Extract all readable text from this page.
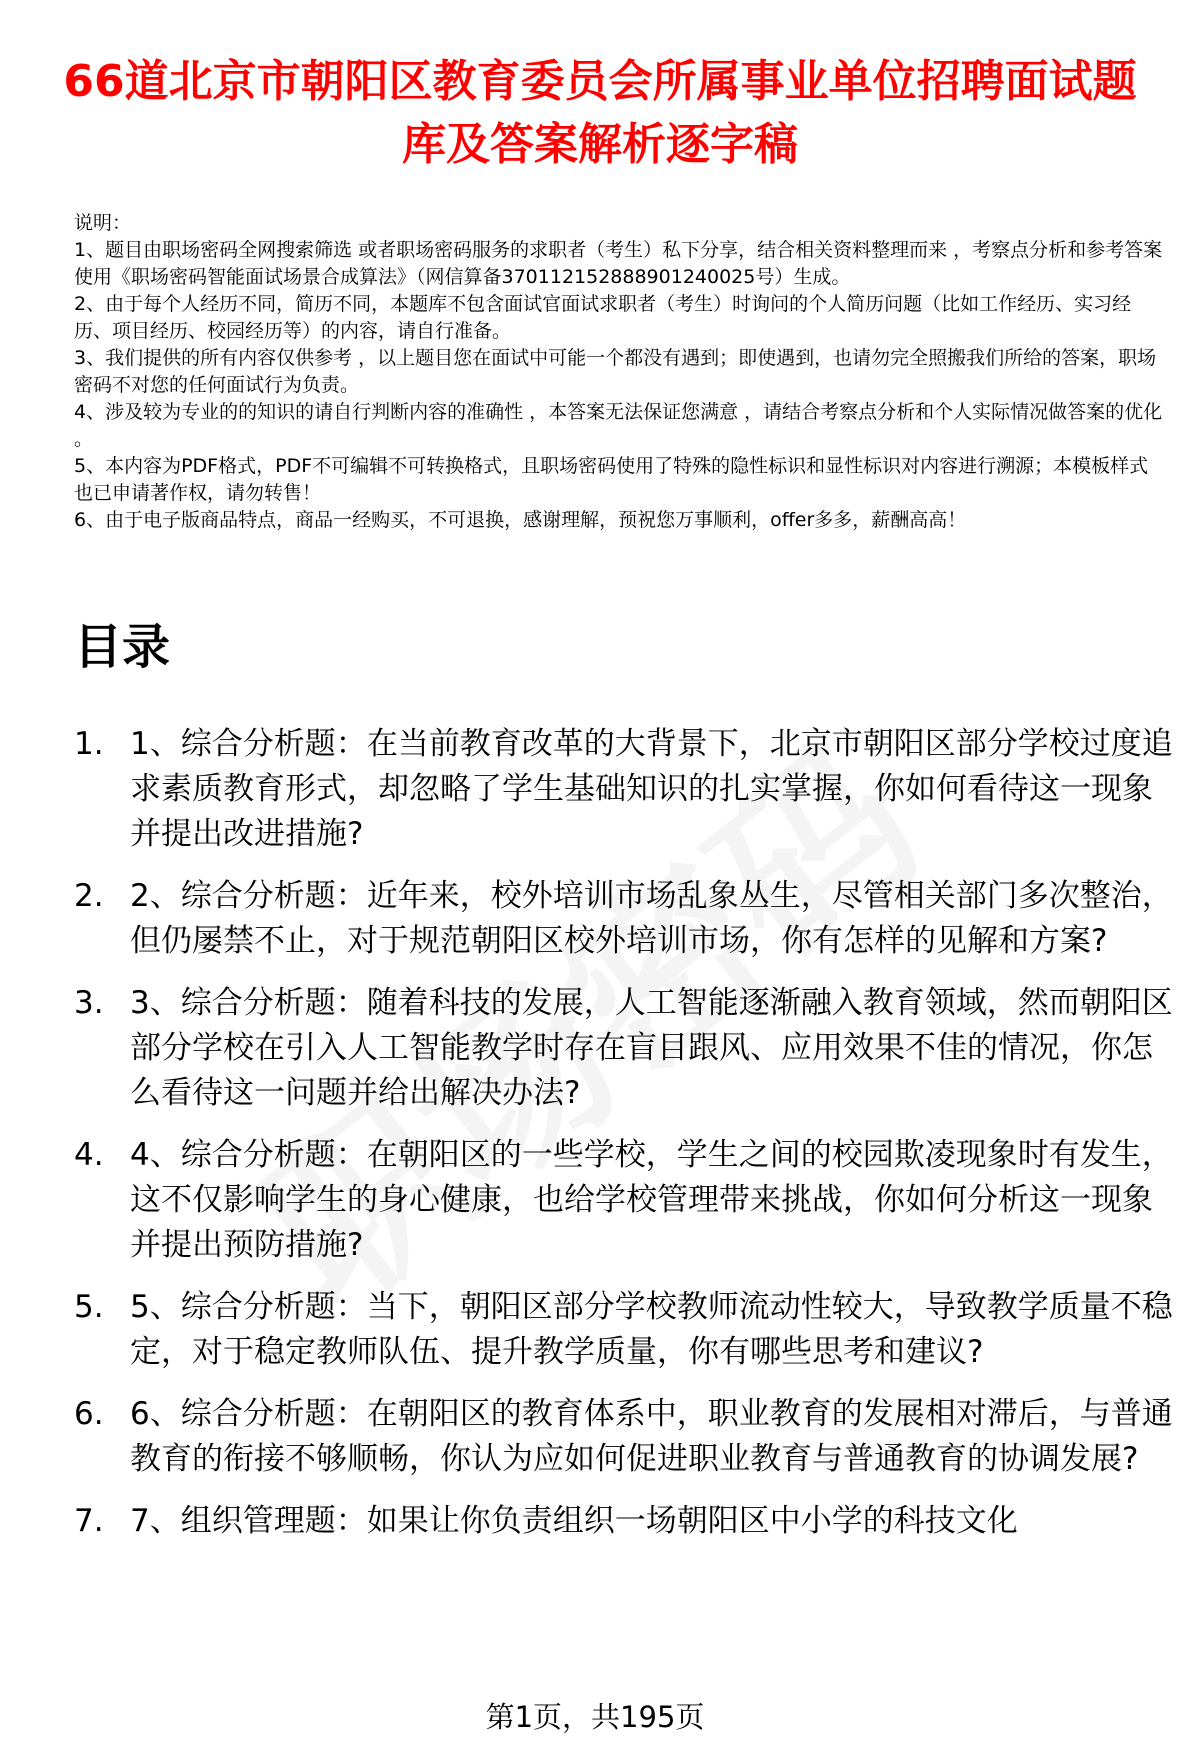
66道北京市朝阳区教育委员会所属事业单位招聘面试题库及答案解析逐字稿

说明：

1、题目由职场密码全网搜索筛选 或者职场密码服务的求职者（考生）私下分享，结合相关资料整理而来 ，考察点分析和参考答案使用《职场密码智能面试场景合成算法》（网信算备370112152888901240025号）生成。

2、由于每个人经历不同，简历不同，本题库不包含面试官面试求职者（考生）时询问的个人简历问题（比如工作经历、实习经历、项目经历、校园经历等）的内容，请自行准备。

3、我们提供的所有内容仅供参考 ，以上题目您在面试中可能一个都没有遇到；即使遇到，也请勿完全照搬我们所给的答案，职场密码不对您的任何面试行为负责。

4、涉及较为专业的的知识的请自行判断内容的准确性 ，本答案无法保证您满意 ，请结合考察点分析和个人实际情况做答案的优化 。

5、本内容为PDF格式，PDF不可编辑不可转换格式，且职场密码使用了特殊的隐性标识和显性标识对内容进行溯源；本模板样式也已申请著作权，请勿转售！

6、由于电子版商品特点，商品一经购买，不可退换，感谢理解，预祝您万事顺利，offer多多，薪酬高高！

目录
1. 1、综合分析题：在当前教育改革的大背景下，北京市朝阳区部分学校过度追求素质教育形式，却忽略了学生基础知识的扎实掌握，你如何看待这一现象并提出改进措施?
2. 2、综合分析题：近年来，校外培训市场乱象丛生，尽管相关部门多次整治，但仍屡禁不止，对于规范朝阳区校外培训市场，你有怎样的见解和方案?
3. 3、综合分析题：随着科技的发展，人工智能逐渐融入教育领域，然而朝阳区部分学校在引入人工智能教学时存在盲目跟风、应用效果不佳的情况，你怎么看待这一问题并给出解决办法?
4. 4、综合分析题：在朝阳区的一些学校，学生之间的校园欺凌现象时有发生，这不仅影响学生的身心健康，也给学校管理带来挑战，你如何分析这一现象并提出预防措施?
5. 5、综合分析题：当下，朝阳区部分学校教师流动性较大，导致教学质量不稳定，对于稳定教师队伍、提升教学质量，你有哪些思考和建议?
6. 6、综合分析题：在朝阳区的教育体系中，职业教育的发展相对滞后，与普通教育的衔接不够顺畅，你认为应如何促进职业教育与普通教育的协调发展?
7. 7、组织管理题：如果让你负责组织一场朝阳区中小学的科技文化
第1页，共195页
